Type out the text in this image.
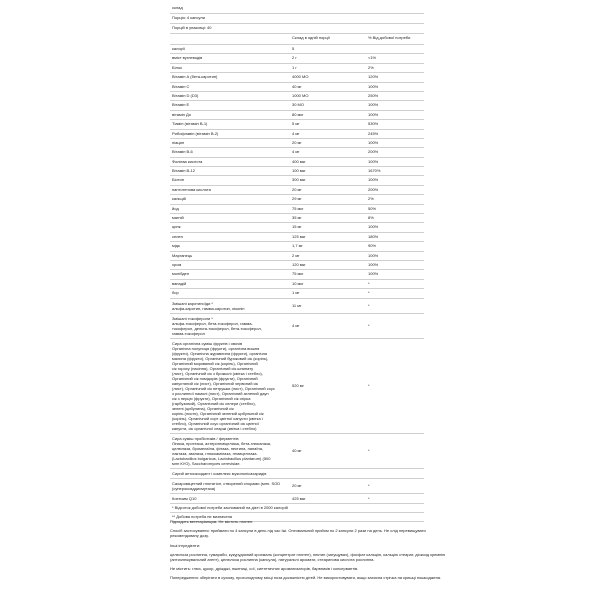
склад
Порція: 4 капсули
Порцій в упаковці: 40
Склад в одній порції	% Від добової потреби
калорії	5
вміст вуглеводів	2 г	<1%
Білок	1 г	2%
Вітамін А (бета-каротин)	4000 МО	120%
Вітамін С	40 мг	100%
Вітамін D (D3)	1000 МО	250%
Вітамін Е	30 МО	100%
вітамін До	80 мкг	100%
Тіамін (вітамін В-1)	5 мг	530%
Рибофлавін (вітамін В-2)	4 мг	245%
ніацин	20 мг	100%
Вітамін В-6	4 мг	200%
Фолієва кислота	400 мкг	100%
Вітамін В-12	100 мкг	1670%
Біотин	300 мкг	100%
пантотенова кислота	20 мг	200%
кальцій	29 мг	2%
йод	75 мкг	50%
магній	35 мг	8%
цинк	15 мг	100%
селен	125 мкг	180%
мідь	1,7 мг	90%
Марганець	2 мг	100%
хром	120 мкг	100%
молібден	75 мкг	100%
ванадій	10 мкг	*
бор	1 мг	*
Змішані каротиноїди *
альфа-каротин, гамма-каротин, лікопін	11 мг	*
Змішані токофероли *
альфа-токоферол, бета-токоферол, гамма-
токоферол, дельта-токоферол, бета-токоферол,
гамма-токоферол
4 мг	*
Сира органічна суміш фруктів і овочів
Органічна полуниця (фрукти), органічна вишня
(фрукти), Органічна журавлина (фрукти), органічна
малина (фрукти), Органічний буряковий сік (корінь),
Органічний морквяний сік (корінь), Органічний
сік гороху (насіння), Органічний сік шпинату
(лист), Органічний сік з брокколі (квітка і стебло),
Органічний сік помідорів (фрукти), Органічний
капустяний сік (лист), Органічний червоний сік
(лист), Органічний сік петрушки (лист), Органічний соус
з рослинної памолі (лист), Органічний зелений даун
сік з перцю (фрукти), Органічний сік огірка
(гарбузовий), Органічний сік селери (стебло),
зелені (цибулина), Органічний сік
корінь (листя), Органічний зелений цибульний сік
(корінь), Органічний сорт цвітної капусти (квітка і
стебло), Органічний соус органічний сік цвітної
капусти, сік органічної спаржі (квітка і стебло)
520 мг	*
Сира суміш пробіотиків / ферментів
Ліпаза, протеаза, ахтерогеміцеліаза, бета-глюканаза,
целюлаза, бромелаїна, фітаза, пектина, папаїна,
лактаза, амілаза, глюкоамілаза, гемицеллаза.
(Lactobacillus bulgaricus, Lactobacillus plantarum) (500
млн КУО), Saccharomyces cerevisiae.
40 мг	*
Сирий антиоксидант і комплекс мукополісахаридів
Сахароміцетний глютатіон, створений спорами (млн. SOD
(супероксиддисмутаза)	20 мг	*
Коензим Q10	425 мкг	*
* Відсоток добової потреби заснований на дієті в 2000 калорій
** Добова потреба не визначена
Підходить вегетаріанцям. Не містить глютен.
Спосіб застосування: приймати по 4 капсули в день під час їжі. Оптимальний прийом по 2 капсули 2 рази на день. Не слід перевищувати рекомендовану дозу.
Інші інгредієнти:
целюлоза рослинна, гумараби, кукурудзяний крохмаль (концентрат глютен), пектин (загущувач), фосфат кальцію, кальцію стеарат, діоксид кремнію (антизлежувальний агент), целюлоза рослинна (капсула), натуральні аромати, стеаринова кислота рослинна.
Не містить: глюз, цукор, дріжджі, пшениці, сої, синтетичних ароматизаторів, барвників і консервантів.
Попередження: зберігати в сухому, прохолодному місці поза досяжністю дітей. Не використовувати, якщо захисна стрічка на кришці пошкоджена.
